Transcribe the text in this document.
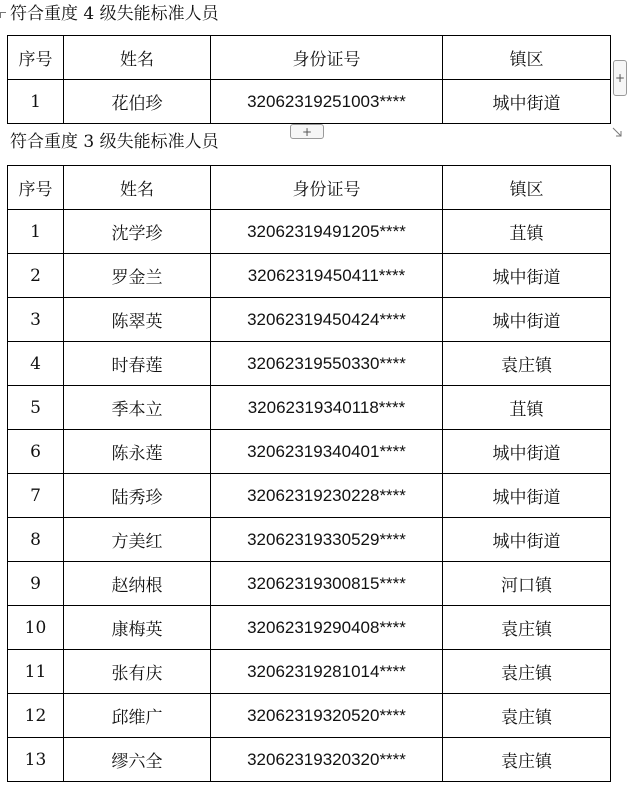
符合重度 4 级失能标准人员
序号	姓名	身份证号	镇区
1	花伯珍	32062319251003****	城中街道
+
+
符合重度 3 级失能标准人员
序号	姓名	身份证号	镇区
1	沈学珍	32062319491205****	苴镇
2	罗金兰	32062319450411****	城中街道
3	陈翠英	32062319450424****	城中街道
4	时春莲	32062319550330****	袁庄镇
5	季本立	32062319340118****	苴镇
6	陈永莲	32062319340401****	城中街道
7	陆秀珍	32062319230228****	城中街道
8	方美红	32062319330529****	城中街道
9	赵纳根	32062319300815****	河口镇
10	康梅英	32062319290408****	袁庄镇
11	张有庆	32062319281014****	袁庄镇
12	邱维广	32062319320520****	袁庄镇
13	缪六全	32062319320320****	袁庄镇
